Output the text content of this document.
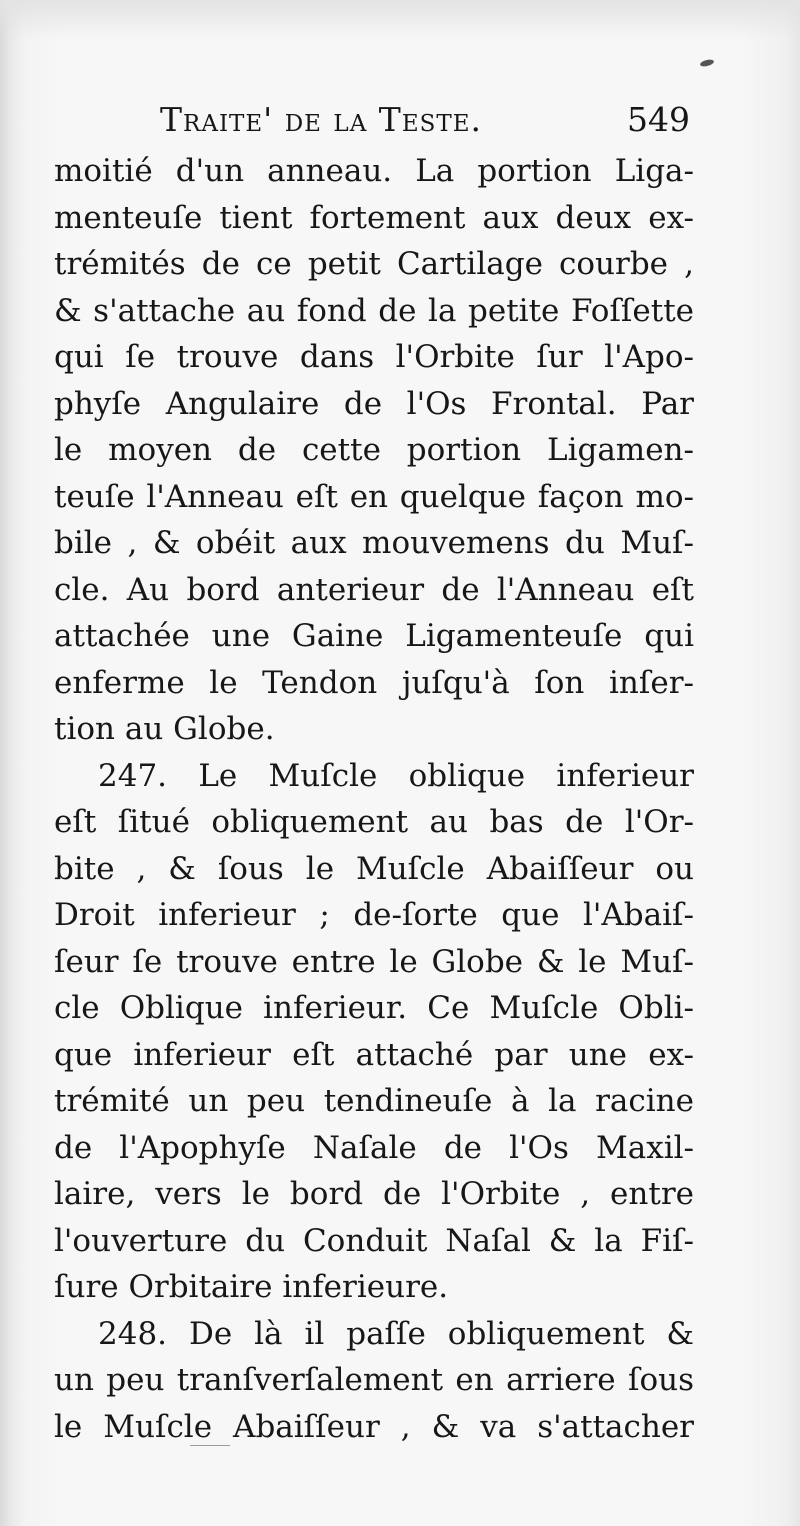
Traite' de la Teste.	549
moitié d'un anneau. La portion Liga-
menteuſe tient fortement aux deux ex-
trémités de ce petit Cartilage courbe ,
& s'attache au fond de la petite Foſſette
qui ſe trouve dans l'Orbite ſur l'Apo-
phyſe Angulaire de l'Os Frontal. Par
le moyen de cette portion Ligamen-
teuſe l'Anneau eſt en quelque façon mo-
bile , & obéit aux mouvemens du Muſ-
cle. Au bord anterieur de l'Anneau eſt
attachée une Gaine Ligamenteuſe qui
enferme le Tendon juſqu'à ſon inſer-
tion au Globe.
247. Le Muſcle oblique inferieur
eſt ſitué obliquement au bas de l'Or-
bite , & ſous le Muſcle Abaiſſeur ou
Droit inferieur ; de-ſorte que l'Abaiſ-
ſeur ſe trouve entre le Globe & le Muſ-
cle Oblique inferieur. Ce Muſcle Obli-
que inferieur eſt attaché par une ex-
trémité un peu tendineuſe à la racine
de l'Apophyſe Naſale de l'Os Maxil-
laire, vers le bord de l'Orbite , entre
l'ouverture du Conduit Naſal & la Fiſ-
ſure Orbitaire inferieure.
248. De là il paſſe obliquement &
un peu tranſverſalement en arriere ſous
le Muſcle Abaiſſeur , & va s'attacher
